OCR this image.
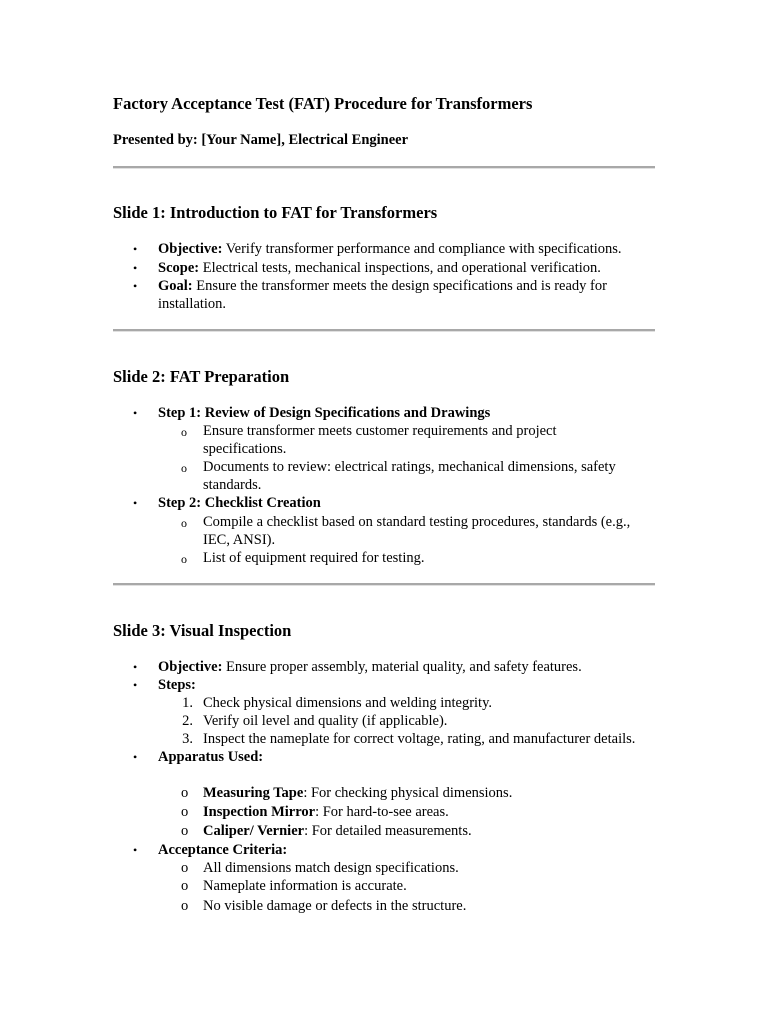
Factory Acceptance Test (FAT) Procedure for Transformers
Presented by: [Your Name], Electrical Engineer
Slide 1: Introduction to FAT for Transformers
• Objective: Verify transformer performance and compliance with specifications.
• Scope: Electrical tests, mechanical inspections, and operational verification.
• Goal: Ensure the transformer meets the design specifications and is ready for
installation.
Slide 2: FAT Preparation
• Step 1: Review of Design Specifications and Drawings
o Ensure transformer meets customer requirements and project
specifications.
o Documents to review: electrical ratings, mechanical dimensions, safety
standards.
• Step 2: Checklist Creation
o Compile a checklist based on standard testing procedures, standards (e.g.,
IEC, ANSI).
o List of equipment required for testing.
Slide 3: Visual Inspection
• Objective: Ensure proper assembly, material quality, and safety features.
• Steps:
1. Check physical dimensions and welding integrity.
2. Verify oil level and quality (if applicable).
3. Inspect the nameplate for correct voltage, rating, and manufacturer details.
• Apparatus Used:
o Measuring Tape: For checking physical dimensions.
o Inspection Mirror: For hard-to-see areas.
o Caliper/ Vernier: For detailed measurements.
• Acceptance Criteria:
o All dimensions match design specifications.
o Nameplate information is accurate.
o No visible damage or defects in the structure.
